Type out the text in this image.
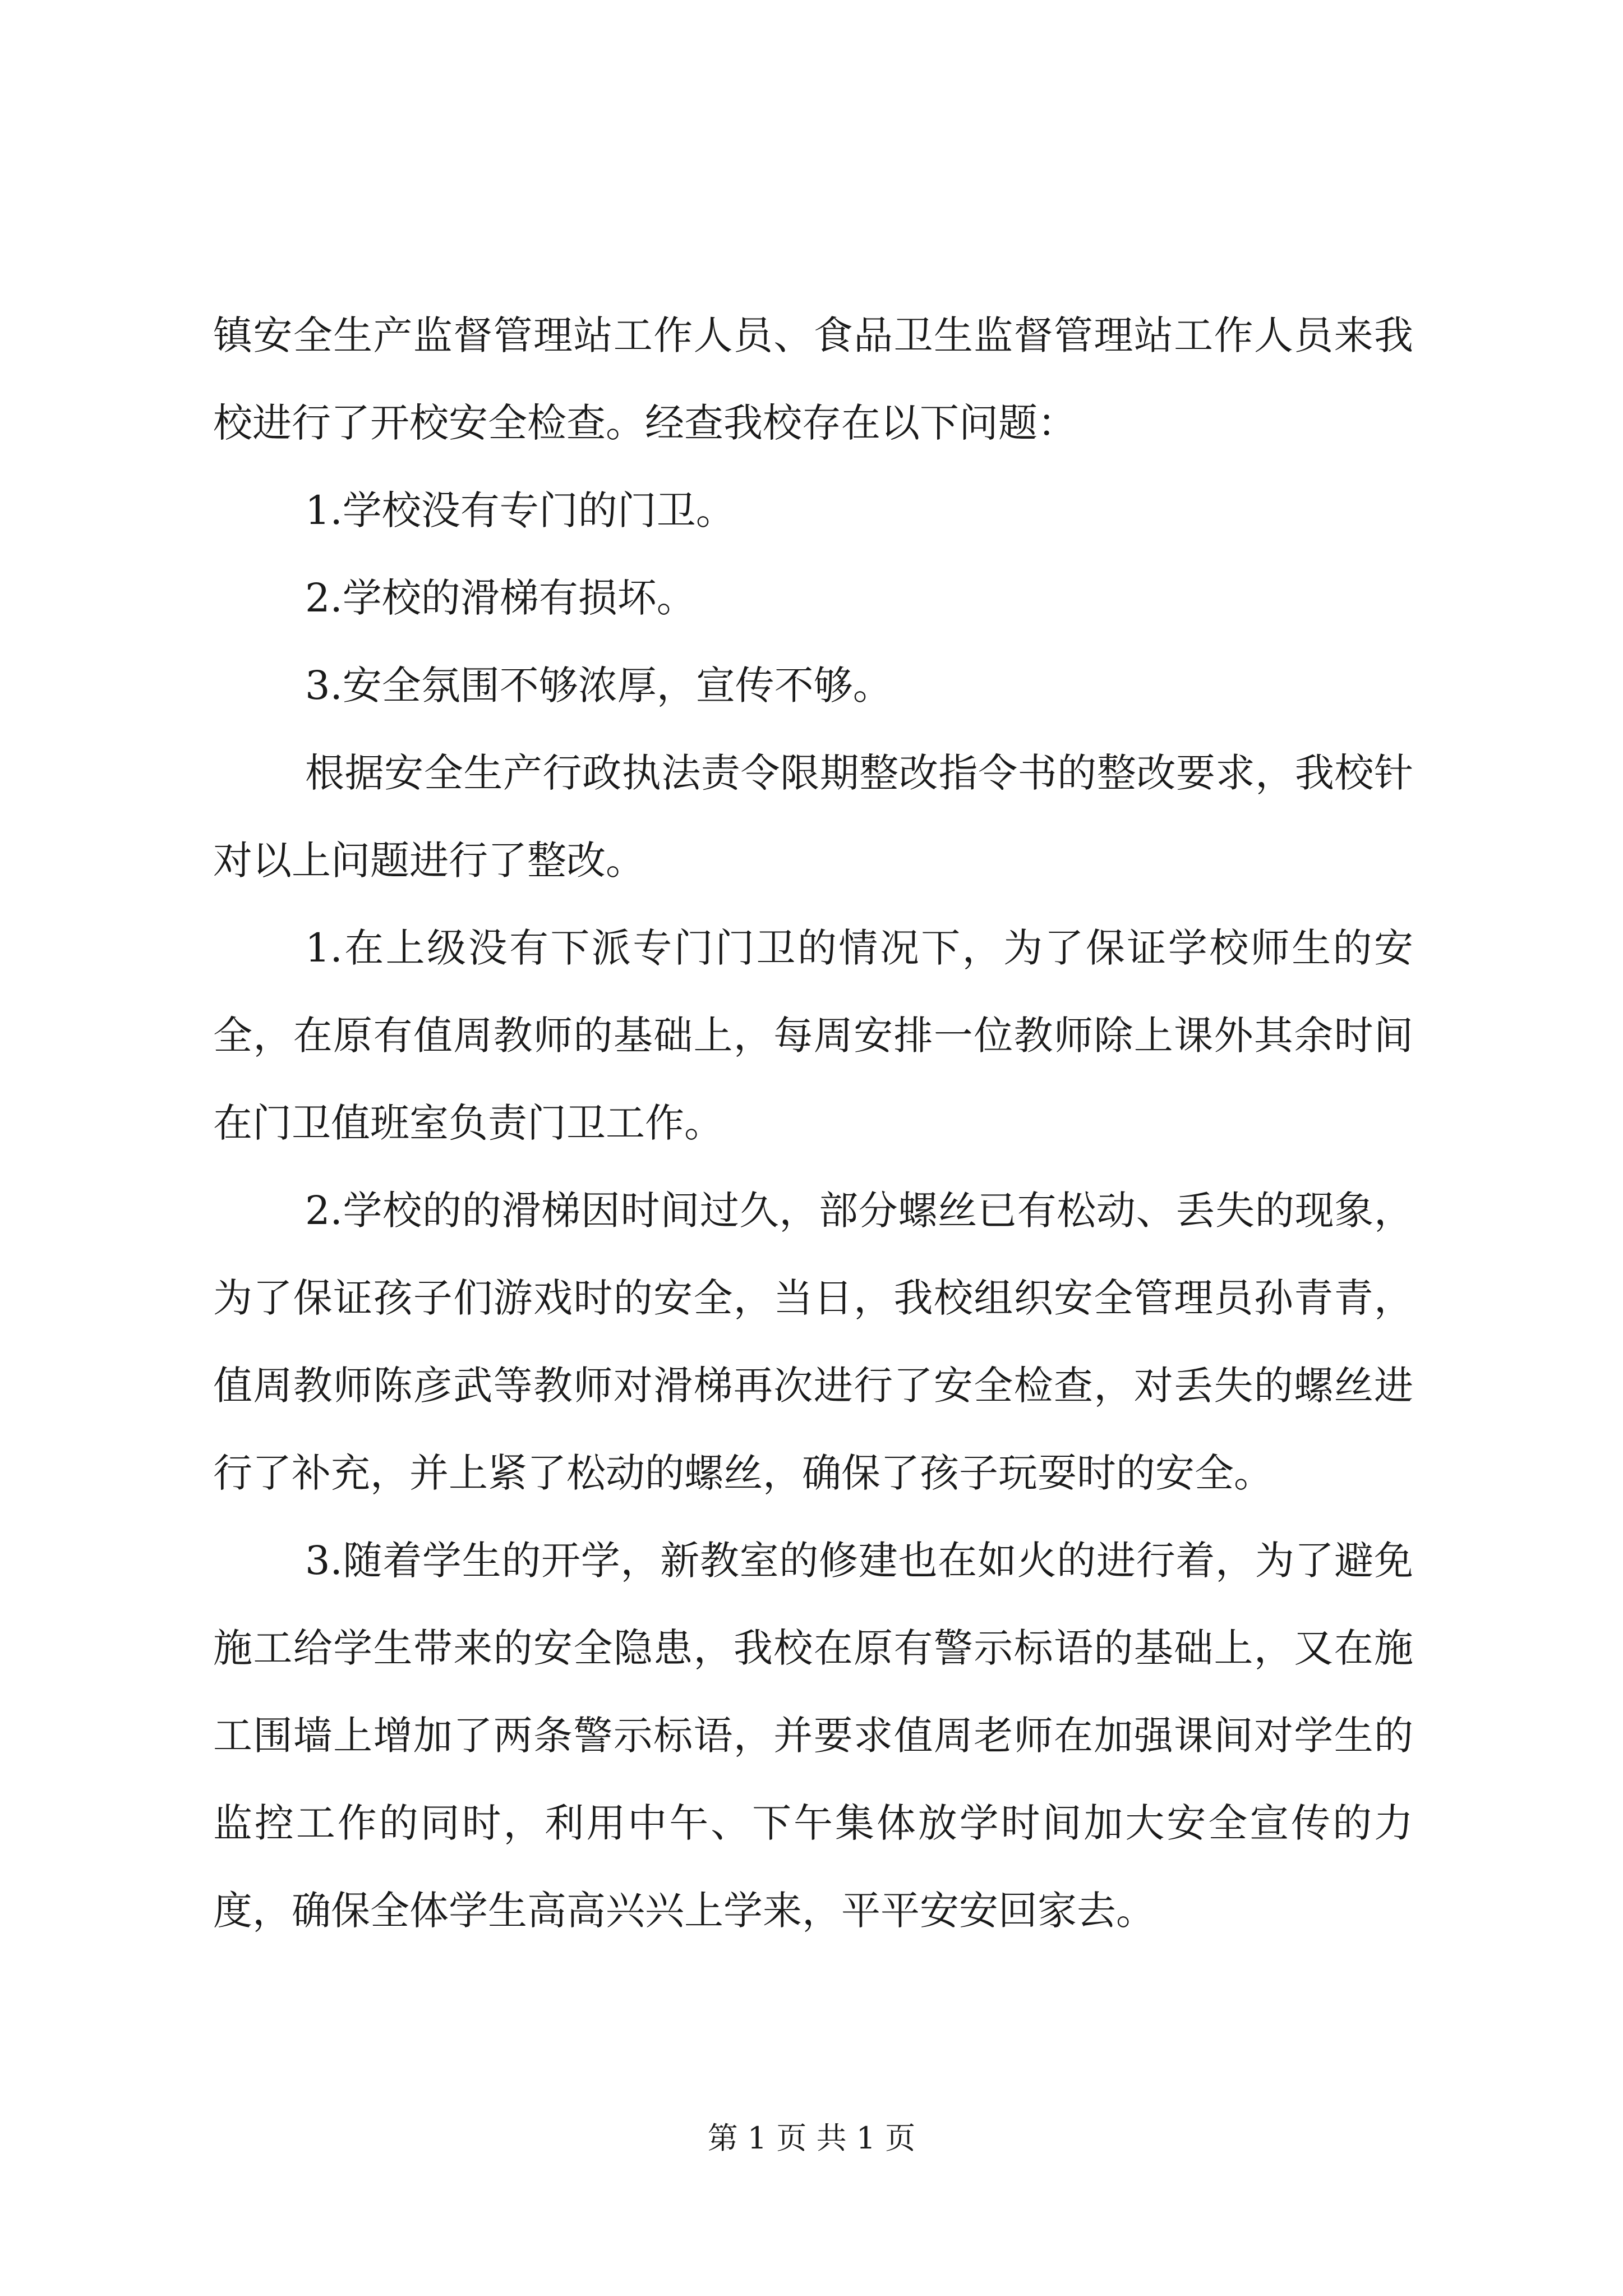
镇安全生产监督管理站工作人员、食品卫生监督管理站工作人员来我校进行了开校安全检查。经查我校存在以下问题：

1.学校没有专门的门卫。

2.学校的滑梯有损坏。

3.安全氛围不够浓厚，宣传不够。

根据安全生产行政执法责令限期整改指令书的整改要求，我校针对以上问题进行了整改。

1.在上级没有下派专门门卫的情况下，为了保证学校师生的安全，在原有值周教师的基础上，每周安排一位教师除上课外其余时间在门卫值班室负责门卫工作。

2.学校的的滑梯因时间过久，部分螺丝已有松动、丢失的现象，为了保证孩子们游戏时的安全，当日，我校组织安全管理员孙青青，值周教师陈彦武等教师对滑梯再次进行了安全检查，对丢失的螺丝进行了补充，并上紧了松动的螺丝，确保了孩子玩耍时的安全。

3.随着学生的开学，新教室的修建也在如火的进行着，为了避免施工给学生带来的安全隐患，我校在原有警示标语的基础上，又在施工围墙上增加了两条警示标语，并要求值周老师在加强课间对学生的监控工作的同时，利用中午、下午集体放学时间加大安全宣传的力度，确保全体学生高高兴兴上学来，平平安安回家去。

第 1 页 共 1 页
